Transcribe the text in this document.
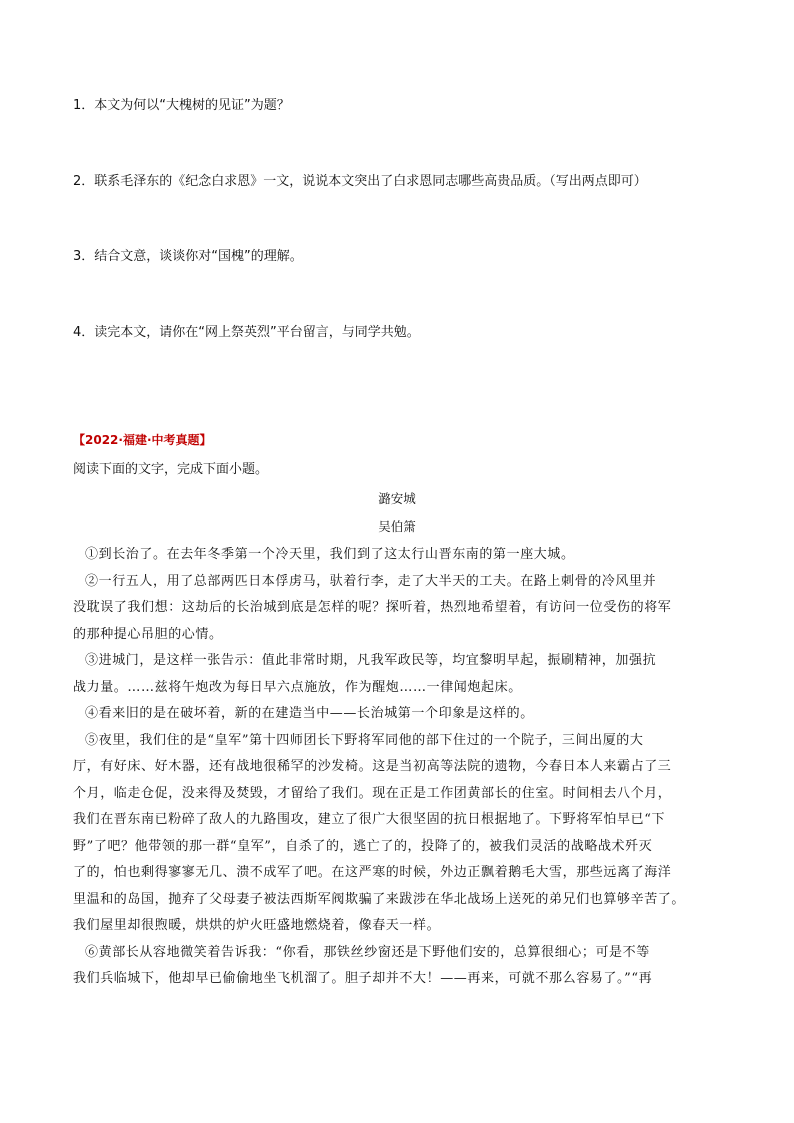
1．本文为何以“大槐树的见证”为题？
2．联系毛泽东的《纪念白求恩》一文，说说本文突出了白求恩同志哪些高贵品质。（写出两点即可）
3．结合文意，谈谈你对“国槐”的理解。
4．读完本文，请你在“网上祭英烈”平台留言，与同学共勉。
【2022·福建·中考真题】
阅读下面的文字，完成下面小题。
潞安城
吴伯箫
①到长治了。在去年冬季第一个冷天里，我们到了这太行山晋东南的第一座大城。
②一行五人，用了总部两匹日本俘虏马，驮着行李，走了大半天的工夫。在路上刺骨的冷风里并
没耽误了我们想：这劫后的长治城到底是怎样的呢？探听着，热烈地希望着，有访问一位受伤的将军
的那种提心吊胆的心情。
③进城门，是这样一张告示：值此非常时期，凡我军政民等，均宜黎明早起，振刷精神，加强抗
战力量。……兹将午炮改为每日早六点施放，作为醒炮……一律闻炮起床。
④看来旧的是在破坏着，新的在建造当中——长治城第一个印象是这样的。
⑤夜里，我们住的是“皇军”第十四师团长下野将军同他的部下住过的一个院子，三间出厦的大
厅，有好床、好木器，还有战地很稀罕的沙发椅。这是当初高等法院的遗物，今春日本人来霸占了三
个月，临走仓促，没来得及焚毁，才留给了我们。现在正是工作团黄部长的住室。时间相去八个月，
我们在晋东南已粉碎了敌人的九路围攻，建立了很广大很坚固的抗日根据地了。下野将军怕早已“下
野”了吧？他带领的那一群“皇军”，自杀了的，逃亡了的，投降了的，被我们灵活的战略战术歼灭
了的，怕也剩得寥寥无几、溃不成军了吧。在这严寒的时候，外边正飘着鹅毛大雪，那些远离了海洋
里温和的岛国，抛弃了父母妻子被法西斯军阀欺骗了来跋涉在华北战场上送死的弟兄们也算够辛苦了。
我们屋里却很煦暖，烘烘的炉火旺盛地燃烧着，像春天一样。
⑥黄部长从容地微笑着告诉我：“你看，那铁丝纱窗还是下野他们安的，总算很细心；可是不等
我们兵临城下，他却早已偷偷地坐飞机溜了。胆子却并不大！——再来，可就不那么容易了。”“再
